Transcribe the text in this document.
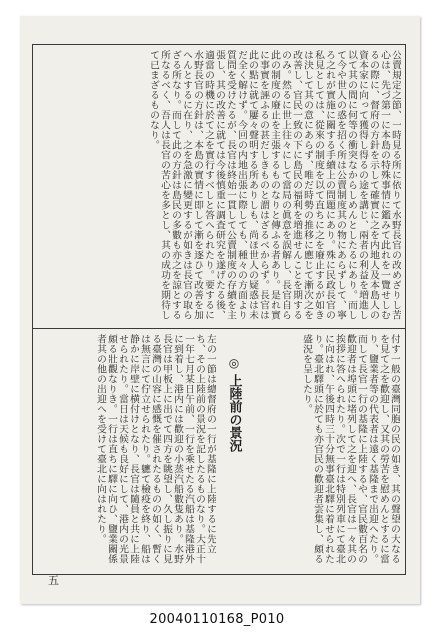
公賣規定之節、一時見る所に依りて水野長官の改めざりし苦心は、先づ第一に本島の特殊事情に鑑みて此れを一覽せしむるの際に、督府の方針を示して確實に之を内地人及本島人の資本家に向って獲得し得るの途を講じ、兩者の利益を増進し以て其の間に何等の衝突なからしめんとしたるにあり。而して今や世人の惑を招く所は公賣制度其の物にあらずして、寧ろ之れが實施に關する手續上の問題にあり。殊に民政長官の私見としては、從來の制度を以て直ちに之を廢止するが如きは決して其の意にあらず、唯だ時勢の推移に應じて漸次之を改善し、官民一致の下に島民の福利を増進せんことを期するのみ。然るに世上往々にして當局の眞意を誤解し、長官自ら此の制度の廢止を主張するものなりと傳ふる者あり。是れ實に事實を誣ふるの甚だしきものと謂はざるべからず。長官は此の點に就て屢々聲明する所ありしも、尚ほ世人の疑惑は未だ全く解けず。今回の内地出張に際しても、種々の方面より質問を受けたるが、長官は終始一貫して公賣制度の存續を主張し、其の改善に就ては今後慎重に調査研究を遂げたる後、適當の時機に於て之を實行すべしと答へられたり。要するに水野長官の方針は、本島の實情に即して漸を逐ひて改善を加へんとするに在り、之を急激に變更するが如きは長官の取らざる所なり。而して此の方針は島民の多數も亦之を諒とする所なるべく、吾人は長官の苦心を多とし、其の成功を期待して已まざるものなり。

付す一般の臺灣同胞の民の如き、其の聲望の大なるを見て之を歡迎し、又其の勞苦を慰めんとするに當り、鹽業者等の代表者は遠く基隆まで出迎へたり。而して長官一行の基隆に上陸するや、官民數百名の歡迎者は埠頭に堵列して之を迎へ、長官は一々其の挨拶に答へられたり。次で一行は特別列車にて臺北に向はれ、午後四時三十分無事臺北驛に着せられたり。臺北驛頭に於ても亦官民の歡迎者雲集し、頗る盛況を呈したり。

◎
上陸前の景況

左の一節は總督府の一行が基隆に上陸するに先立ち、その上陸前の景況を記したるものなり。大正十一年七月某日午前、一行を乘せたる汽船は基隆港外に到着し、港内には歡迎の小蒸汽船數隻あり。水野長官は甲板上に出でて四方を眺望し、久し振りに見る臺灣の山容に感慨を催されたるものの如く、暫くは無言にて佇立せられたり。軈て檢疫を終り、船は静かに岸壁に横付けとなり、長官は隨員と共に上陸せられたり。當日は天候も良好にして、港内の光景頗る壯觀なりき。一行は直ちに驛に向ひ、鹽業關係者其の他の出迎へを受けて臺北に向はれたり。

五
20040110168_P010
